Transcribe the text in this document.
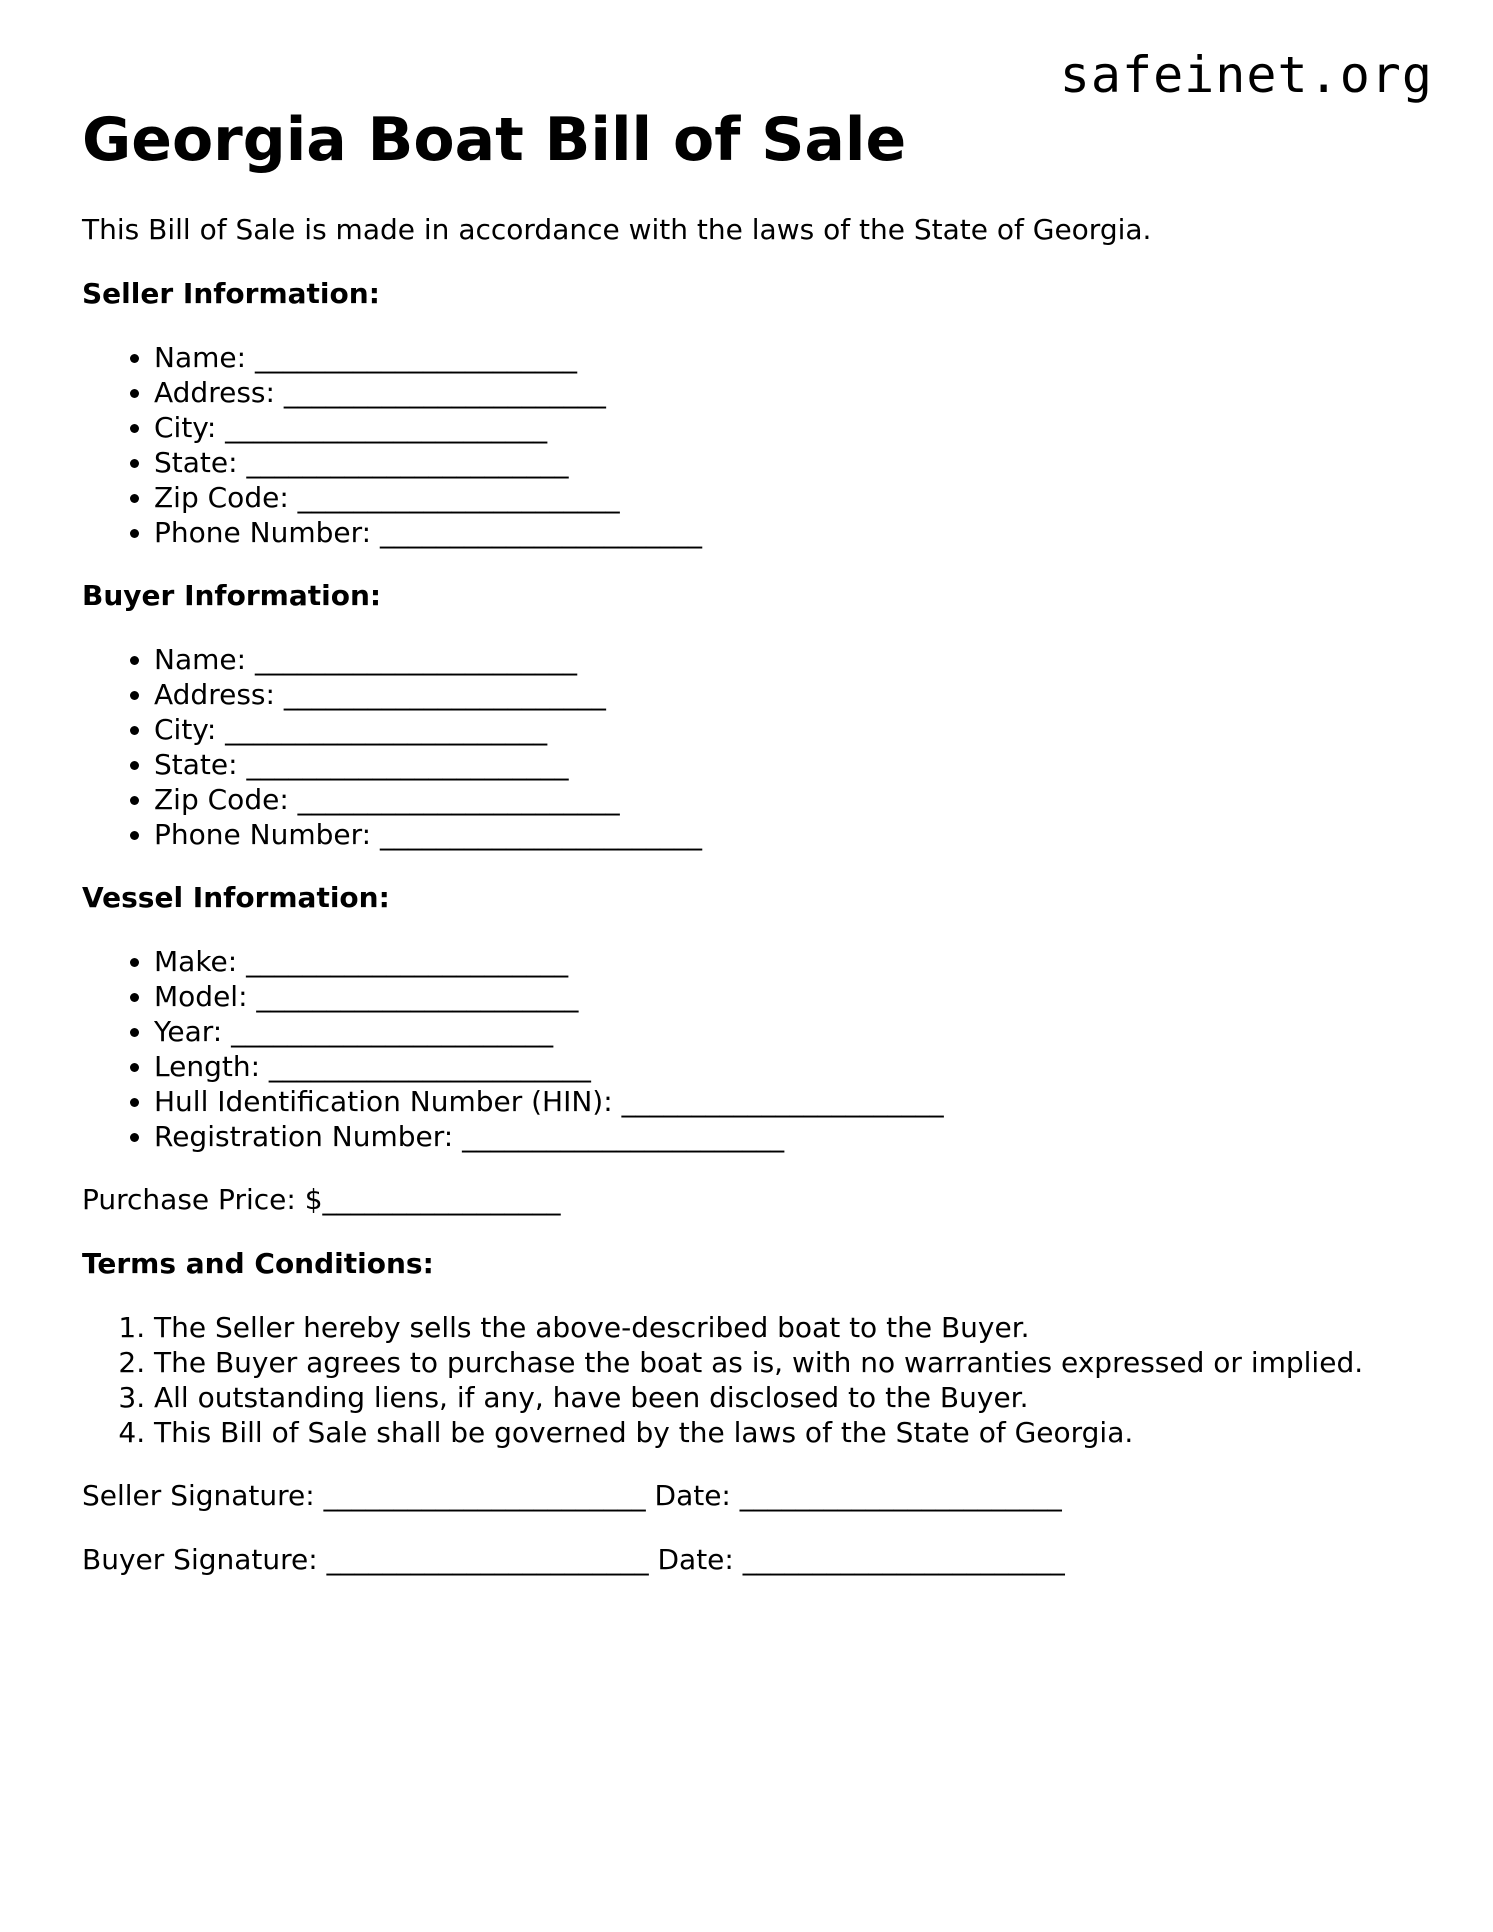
safeinet.org
Georgia Boat Bill of Sale

This Bill of Sale is made in accordance with the laws of the State of Georgia.

Seller Information:
• Name: _______________________
• Address: _______________________
• City: _______________________
• State: _______________________
• Zip Code: _______________________
• Phone Number: _______________________
Buyer Information:
• Name: _______________________
• Address: _______________________
• City: _______________________
• State: _______________________
• Zip Code: _______________________
• Phone Number: _______________________
Vessel Information:
• Make: _______________________
• Model: _______________________
• Year: _______________________
• Length: _______________________
• Hull Identification Number (HIN): _______________________
• Registration Number: _______________________

Purchase Price: $_________________

Terms and Conditions:
1. The Seller hereby sells the above-described boat to the Buyer.
2. The Buyer agrees to purchase the boat as is, with no warranties expressed or implied.
3. All outstanding liens, if any, have been disclosed to the Buyer.
4. This Bill of Sale shall be governed by the laws of the State of Georgia.

Seller Signature: _______________________ Date: _______________________

Buyer Signature: _______________________ Date: _______________________
